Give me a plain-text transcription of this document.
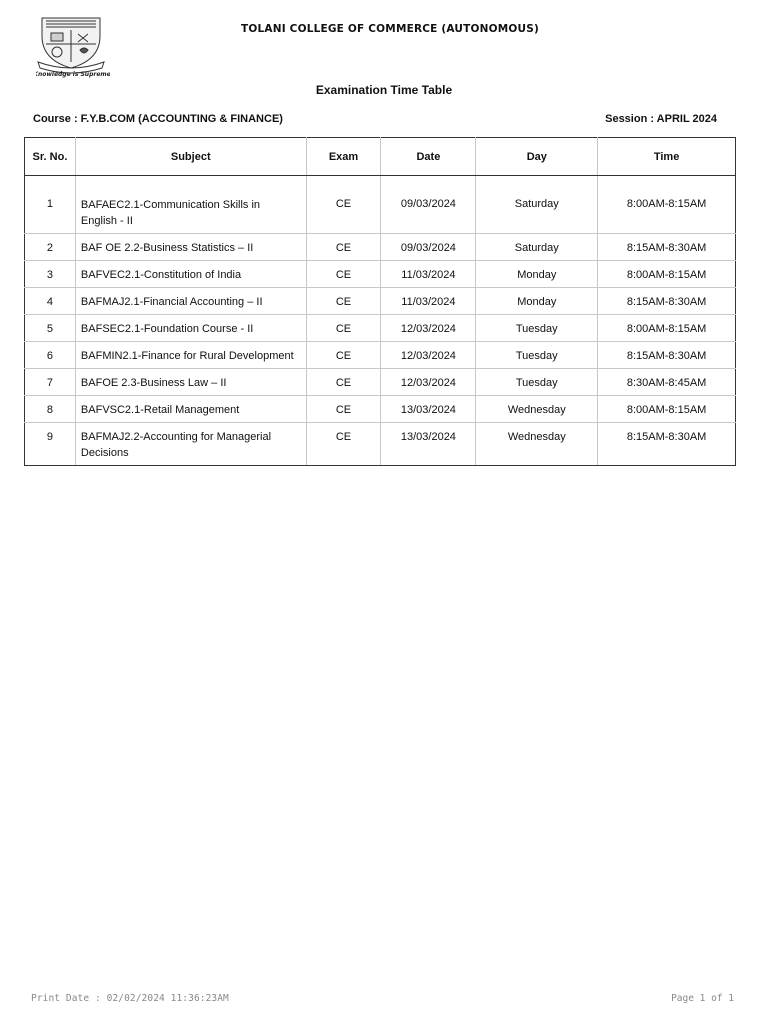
Knowledge is Supreme
TOLANI COLLEGE OF COMMERCE (AUTONOMOUS)
Examination Time Table
Course : F.Y.B.COM (ACCOUNTING & FINANCE)	Session : APRIL 2024
Sr. No.	Subject	Exam	Date	Day	Time
1	BAFAEC2.1-Communication Skills in English - II	CE	09/03/2024	Saturday	8:00AM-8:15AM
2	BAF OE 2.2-Business Statistics – II	CE	09/03/2024	Saturday	8:15AM-8:30AM
3	BAFVEC2.1-Constitution of India	CE	11/03/2024	Monday	8:00AM-8:15AM
4	BAFMAJ2.1-Financial Accounting – II	CE	11/03/2024	Monday	8:15AM-8:30AM
5	BAFSEC2.1-Foundation Course - II	CE	12/03/2024	Tuesday	8:00AM-8:15AM
6	BAFMIN2.1-Finance for Rural Development	CE	12/03/2024	Tuesday	8:15AM-8:30AM
7	BAFOE 2.3-Business Law – II	CE	12/03/2024	Tuesday	8:30AM-8:45AM
8	BAFVSC2.1-Retail Management	CE	13/03/2024	Wednesday	8:00AM-8:15AM
9	BAFMAJ2.2-Accounting for Managerial Decisions	CE	13/03/2024	Wednesday	8:15AM-8:30AM
Print Date : 02/02/2024 11:36:23AM	Page 1 of 1
